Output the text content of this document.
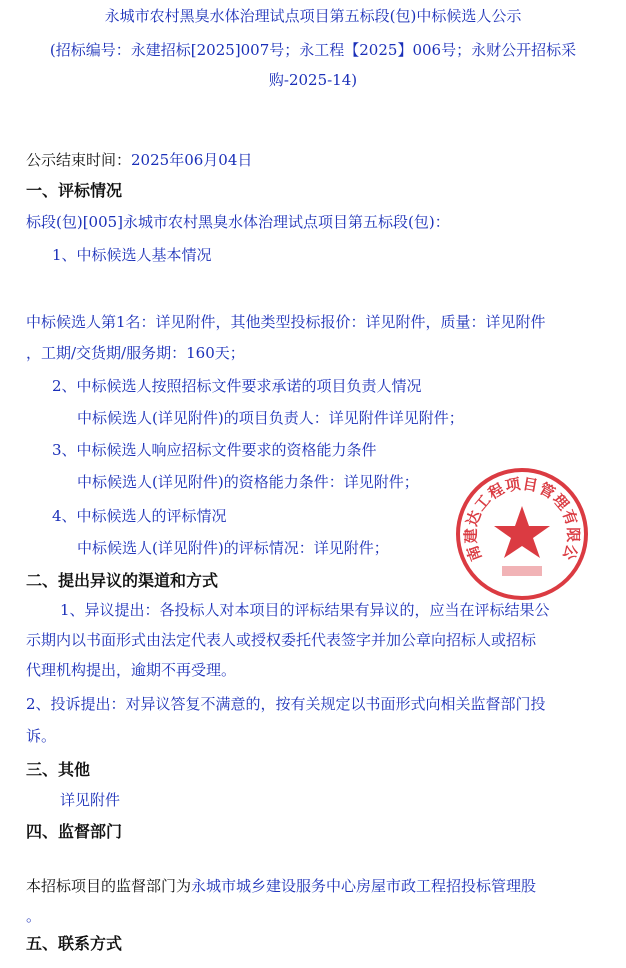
永城市农村黑臭水体治理试点项目第五标段(包)中标候选人公示
(招标编号：永建招标[2025]007号；永工程【2025】006号；永财公开招标采
购-2025-14)
公示结束时间：2025年06月04日
一、评标情况
标段(包)[005]永城市农村黑臭水体治理试点项目第五标段(包)：
1、中标候选人基本情况
中标候选人第1名：详见附件，其他类型投标报价：详见附件，质量：详见附件
，工期/交货期/服务期：160天；
2、中标候选人按照招标文件要求承诺的项目负责人情况
中标候选人(详见附件)的项目负责人：详见附件详见附件；
3、中标候选人响应招标文件要求的资格能力条件
中标候选人(详见附件)的资格能力条件：详见附件；
4、中标候选人的评标情况
中标候选人(详见附件)的评标情况：详见附件；	南建达工程项目管理有限公
二、提出异议的渠道和方式
1、异议提出：各投标人对本项目的评标结果有异议的，应当在评标结果公
示期内以书面形式由法定代表人或授权委托代表签字并加公章向招标人或招标
代理机构提出，逾期不再受理。
2、投诉提出：对异议答复不满意的，按有关规定以书面形式向相关监督部门投
诉。
三、其他
详见附件
四、监督部门
本招标项目的监督部门为永城市城乡建设服务中心房屋市政工程招投标管理股
。
五、联系方式
